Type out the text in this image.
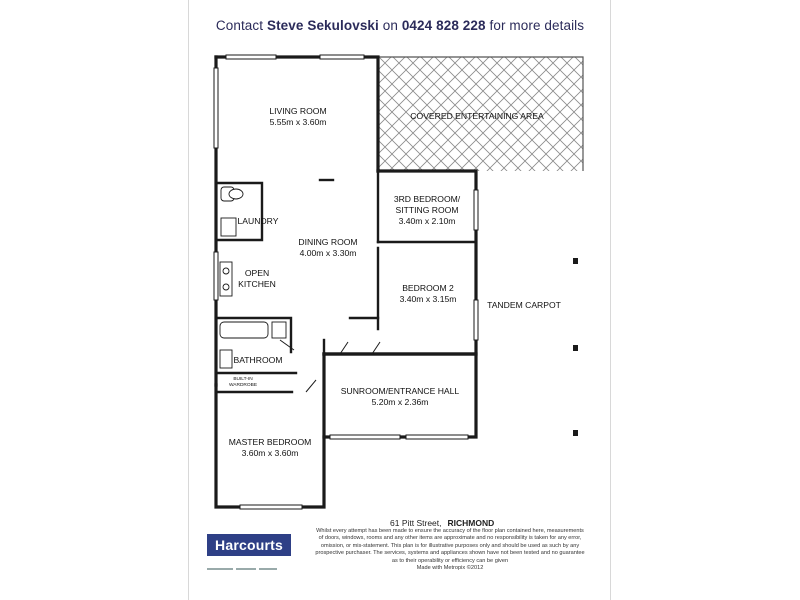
Contact Steve Sekulovski on 0424 828 228 for more details
LIVING ROOM
5.55m x 3.60m
COVERED ENTERTAINING AREA
LAUNDRY
3RD BEDROOM/
SITTING ROOM
3.40m x 2.10m
DINING ROOM
4.00m x 3.30m
OPEN
KITCHEN	BEDROOM 2
3.40m x 3.15m
TANDEM CARPOT
BATHROOM
BUILT-IN
WARDROBE
SUNROOM/ENTRANCE HALL
5.20m x 2.36m
MASTER BEDROOM
3.60m x 3.60m
61 Pitt Street, RICHMOND
Harcourts
Whilst every attempt has been made to ensure the accuracy of the floor plan contained here, measurements
of doors, windows, rooms and any other items are approximate and no responsibility is taken for any error,
omission, or mis-statement. This plan is for illustrative purposes only and should be used as such by any
prospective purchaser. The services, systems and appliances shown have not been tested and no guarantee
as to their operability or efficiency can be given
Made with Metropix ©2012
